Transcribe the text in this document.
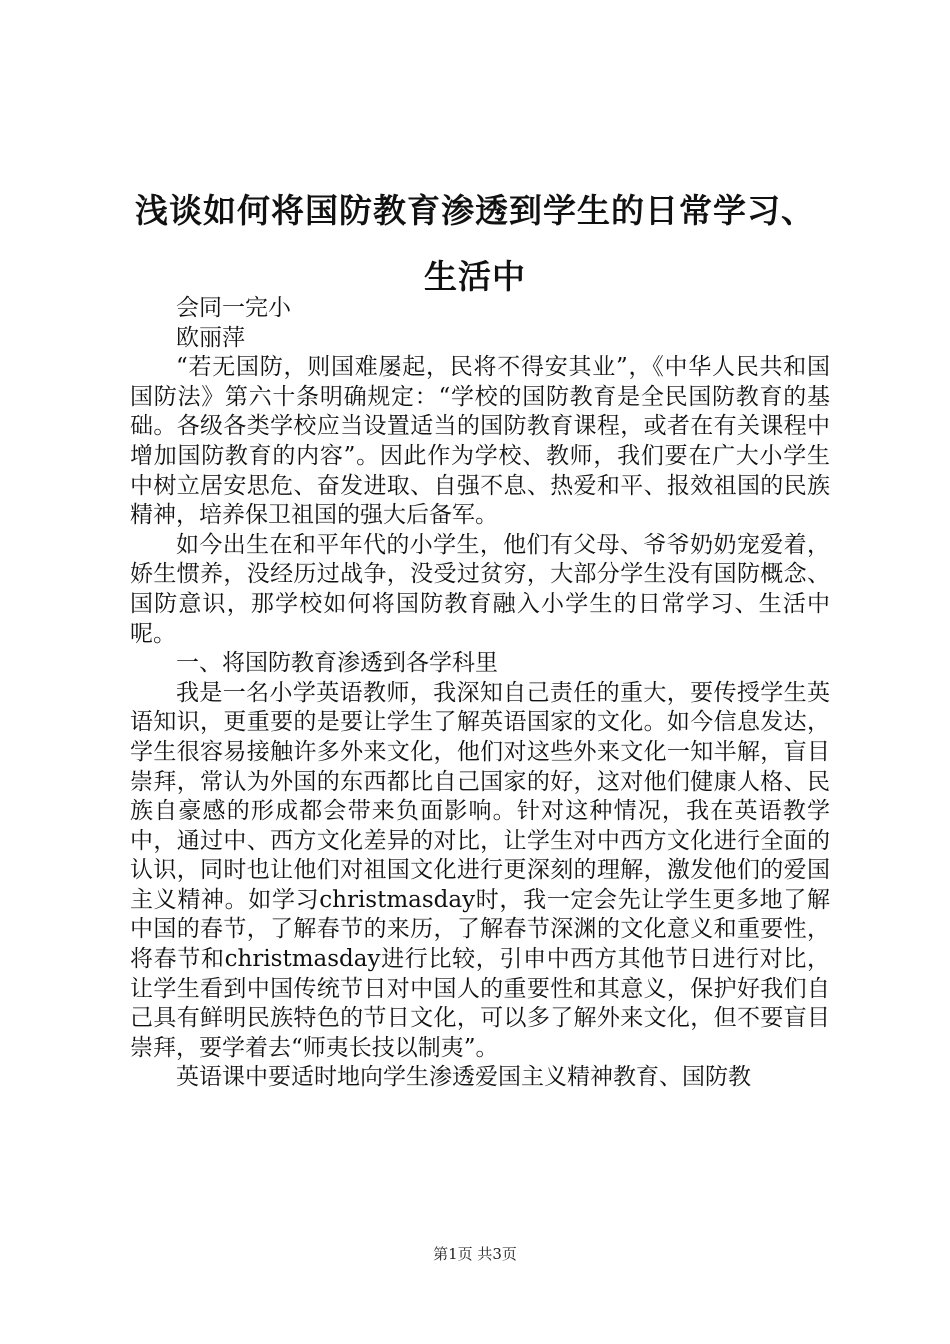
浅谈如何将国防教育渗透到学生的日常学习、
生活中

会同一完小

欧丽萍

“若无国防，则国难屡起，民将不得安其业”，《中华人民共和国国防法》第六十条明确规定：“学校的国防教育是全民国防教育的基础。各级各类学校应当设置适当的国防教育课程，或者在有关课程中增加国防教育的内容”。因此作为学校、教师，我们要在广大小学生中树立居安思危、奋发进取、自强不息、热爱和平、报效祖国的民族精神，培养保卫祖国的强大后备军。

如今出生在和平年代的小学生，他们有父母、爷爷奶奶宠爱着，娇生惯养，没经历过战争，没受过贫穷，大部分学生没有国防概念、国防意识，那学校如何将国防教育融入小学生的日常学习、生活中呢。

一、将国防教育渗透到各学科里

我是一名小学英语教师，我深知自己责任的重大，要传授学生英语知识，更重要的是要让学生了解英语国家的文化。如今信息发达，学生很容易接触许多外来文化，他们对这些外来文化一知半解，盲目崇拜，常认为外国的东西都比自己国家的好，这对他们健康人格、民族自豪感的形成都会带来负面影响。针对这种情况，我在英语教学中，通过中、西方文化差异的对比，让学生对中西方文化进行全面的认识，同时也让他们对祖国文化进行更深刻的理解，激发他们的爱国主义精神。如学习christmasday时，我一定会先让学生更多地了解中国的春节，了解春节的来历，了解春节深渊的文化意义和重要性，将春节和christmasday进行比较，引申中西方其他节日进行对比，让学生看到中国传统节日对中国人的重要性和其意义，保护好我们自己具有鲜明民族特色的节日文化，可以多了解外来文化，但不要盲目崇拜，要学着去“师夷长技以制夷”。

英语课中要适时地向学生渗透爱国主义精神教育、国防教

第1页 共3页
